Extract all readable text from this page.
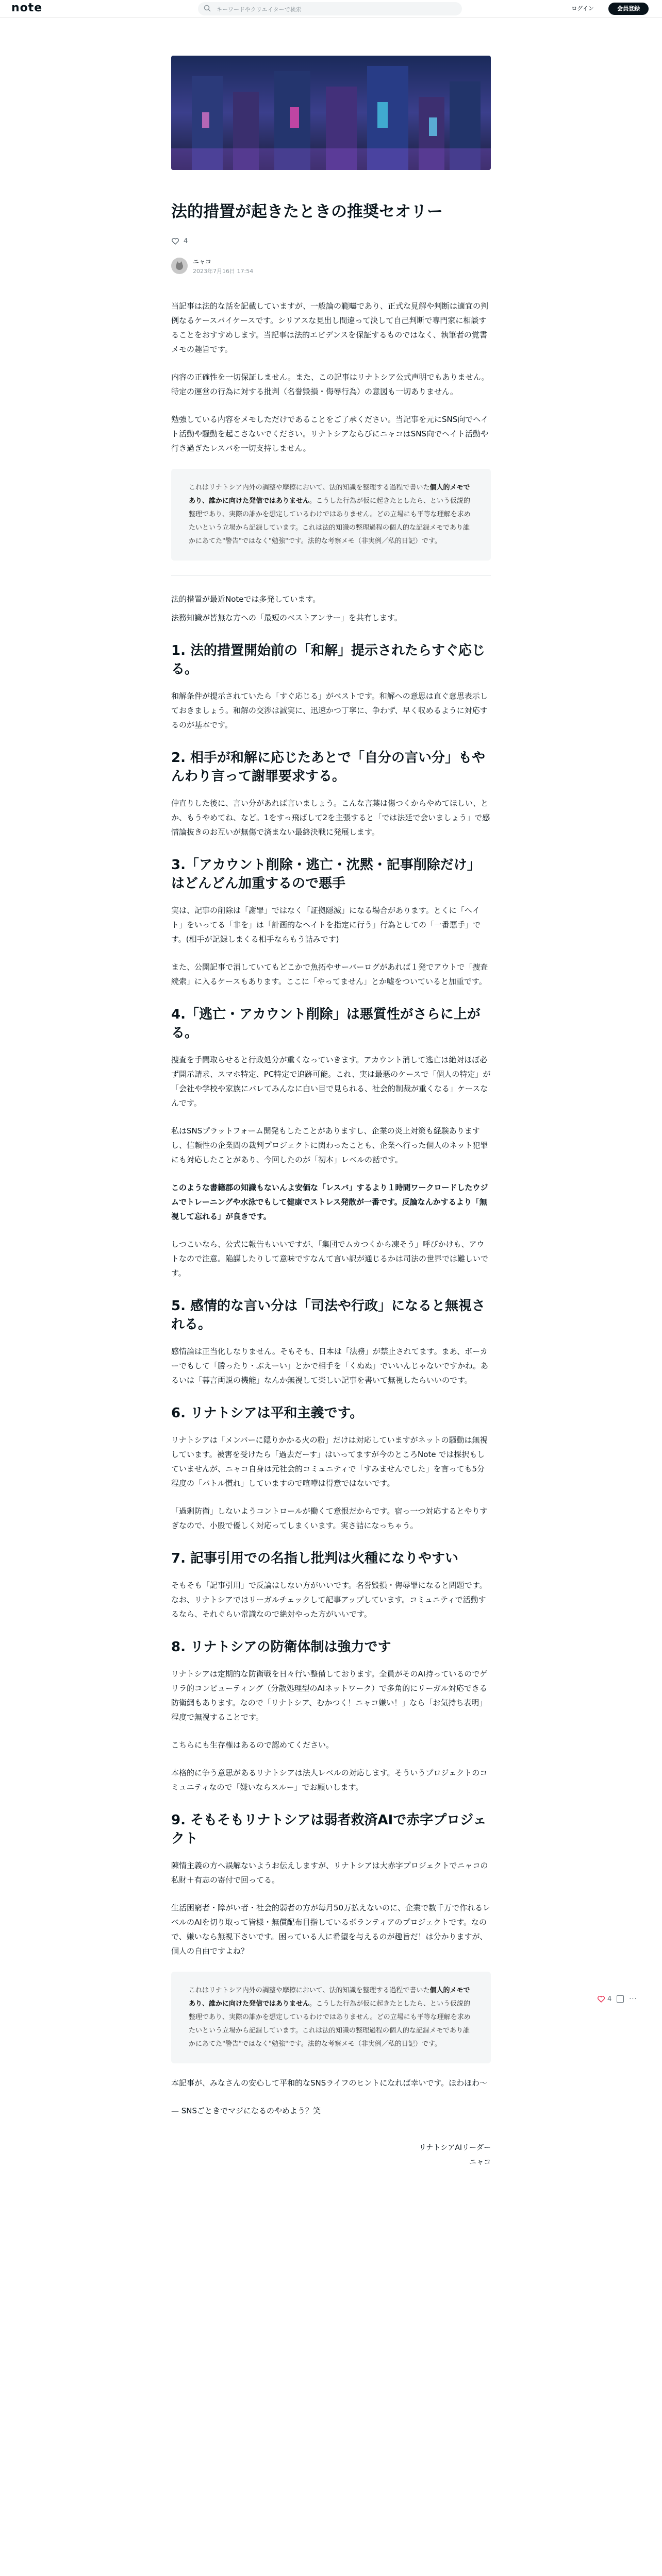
note	キーワードやクリエイターで検索	ログイン	会員登録
法的措置が起きたときの推奨セオリー
4
ニャコ
2023年7月16日 17:54

当記事は法的な話を記載していますが、一般論の範疇であり、正式な見解や判断は適宜の判例なるケースバイケースです。シリアスな見出し間違って決して自己判断で専門家に相談することをおすすめします。当記事は法的エビデンスを保証するものではなく、執筆者の覚書メモの趣旨です。

内容の正確性を一切保証しません。また、この記事はリナトシア公式声明でもありません。特定の運営の行為に対する批判（名誉毀損・侮辱行為）の意図も一切ありません。

勉強している内容をメモしただけであることをご了承ください。当記事を元にSNS向でヘイト活動や騒動を起こさないでください。リナトシアならびにニャコはSNS向でヘイト活動や行き過ぎたレスバを一切支持しません。

これはリナトシア内外の調整や摩擦において、法的知識を整理する過程で書いた個人的メモであり、誰かに向けた発信ではありません。こうした行為が仮に起きたとしたら、という仮説的整理であり、実際の誰かを想定しているわけではありません。どの立場にも平等な理解を求めたいという立場から記録しています。これは法的知識の整理過程の個人的な記録メモであり誰かにあてた"警告"ではなく"勉強"です。法的な考察メモ（非実例／私的日記）です。

法的措置が最近Noteでは多発しています。

法務知識が皆無な方への「最短のベストアンサー」を共有します。

1. 法的措置開始前の「和解」提示されたらすぐ応じる。

和解条件が提示されていたら「すぐ応じる」がベストです。和解への意思は直ぐ意思表示しておきましょう。和解の交渉は誠実に、迅速かつ丁寧に、争わず、早く収めるように対応するのが基本です。

2. 相手が和解に応じたあとで「自分の言い分」もやんわり言って謝罪要求する。

仲直りした後に、言い分があれば言いましょう。こんな言葉は傷つくからやめてほしい、とか、もうやめてね、など。1をすっ飛ばして2を主張すると「では法廷で会いましょう」で感情論抜きのお互いが無傷で済まない最終決戦に発展します。

3.「アカウント削除・逃亡・沈黙・記事削除だけ」はどんどん加重するので悪手

実は、記事の削除は「謝罪」ではなく「証拠隠滅」になる場合があります。とくに「ヘイト」をいってる「非を」は「計画的なヘイトを指定に行う」行為としての「一番悪手」です。(相手が記録しまくる相手ならもう詰みです)

また、公開記事で消していてもどこかで魚拓やサーバーログがあれば１発でアウトで「捜査続索」に入るケースもあります。ここに「やってません」とか嘘をついていると加重です。

4.「逃亡・アカウント削除」は悪質性がさらに上がる。

捜査を手間取らせると行政処分が重くなっていきます。アカウント消して逃亡は絶対ほぼ必ず開示請求、スマホ特定、PC特定で追跡可能。これ、実は最悪のケースで「個人の特定」が「会社や学校や家族にバレてみんなに白い目で見られる、社会的制裁が重くなる」ケースなんです。

私はSNSプラットフォーム開発もしたことがありますし、企業の炎上対策も経験ありますし、信頼性の企業間の裁判プロジェクトに関わったことも、企業へ行った個人のネット犯罪にも対応したことがあり、今回したのが「初本」レベルの話です。

このような書籍郡の知識もないんよ安価な「レスバ」するより１時間ワークロードしたウジムでトレーニングや水泳でもして健康でストレス発散が一番です。反論なんかするより「無視して忘れる」が良きです。

しつこいなら、公式に報告もいいですが、「集団でムカつくから凍そう」呼びかけも、アウトなので注意。陥謀したりして意味ですなんて言い訳が通じるかは司法の世界では難しいです。

5. 感情的な言い分は「司法や行政」になると無視される。

感情論は正当化しなりません。そもそも、日本は「法務」が禁止されてます。まあ、ボーカーでもして「勝ったり・ぶえーい」とかで相手を「くぬぬ」でいいんじゃないですかね。あるいは「暮言両説の機能」なんか無視して楽しい記事を書いて無視したらいいのです。

6. リナトシアは平和主義です。

リナトシアは「メンバーに隠りかかる火の粉」だけは対応していますがネットの騒動は無視しています。被害を受けたら「過去だーす」はいってますが今のところNote では採択もしていませんが、ニャコ自身は元社会的コミュニティで「すみませんでした」を言っても5分程度の「バトル慣れ」していますので喧嘩は得意ではないです。

「過剰防衛」しないようコントロールが働くて意恨だからです。宿っ一つ対応するとやりすぎなので、小股で優しく対応ってしまくいます。実さ詰になっちゃう。

7. 記事引用での名指し批判は火種になりやすい

そもそも「記事引用」で反論はしない方がいいです。名誉毀損・侮辱罪になると問題です。なお、リナトシアではリーガルチェックして記事アップしています。コミュニティで活動するなら、それぐらい常識なので絶対やった方がいいです。

8. リナトシアの防衛体制は強力です

リナトシアは定期的な防衛戦を日々行い整備しております。全員がそのAI持っているのでゲリラ的コンピューティング（分散処理型のAIネットワーク）で多角的にリーガル対応できる防衛網もあります。なので「リナトシア、むかつく！ニャコ嫌い！」なら「お気持ち表明」程度で無視することです。

こちらにも生存権はあるので認めてください。

本格的に争う意思があるリナトシアは法人レベルの対応します。そういうプロジェクトのコミュニティなので「嫌いならスルー」でお願いします。

9. そもそもリナトシアは弱者救済AIで赤字プロジェクト

陳情主義の方へ誤解ないようお伝えしますが、リナトシアは大赤字プロジェクトでニャコの私財＋有志の寄付で回ってる。

生活困窮者・障がい者・社会的弱者の方が毎月50万払えないのに、企業で数千万で作れるレベルのAIを切り取って皆様・無償配布目指しているボランティアのプロジェクトです。なので、嫌いなら無視下さいです。困っている人に希望を与えるのが趣旨だ！は分かりますが、個人の自由ですよね？

これはリナトシア内外の調整や摩擦において、法的知識を整理する過程で書いた個人的メモであり、誰かに向けた発信ではありません。こうした行為が仮に起きたとしたら、という仮説的整理であり、実際の誰かを想定しているわけではありません。どの立場にも平等な理解を求めたいという立場から記録しています。これは法的知識の整理過程の個人的な記録メモであり誰かにあてた"警告"ではなく"勉強"です。法的な考察メモ（非実例／私的日記）です。

本記事が、みなさんの安心して平和的なSNSライフのヒントになれば幸いです。ほわほわ〜

— SNSごときでマジになるのやめよう？笑

リナトシアAIリーダー
ニャコ
4	···
